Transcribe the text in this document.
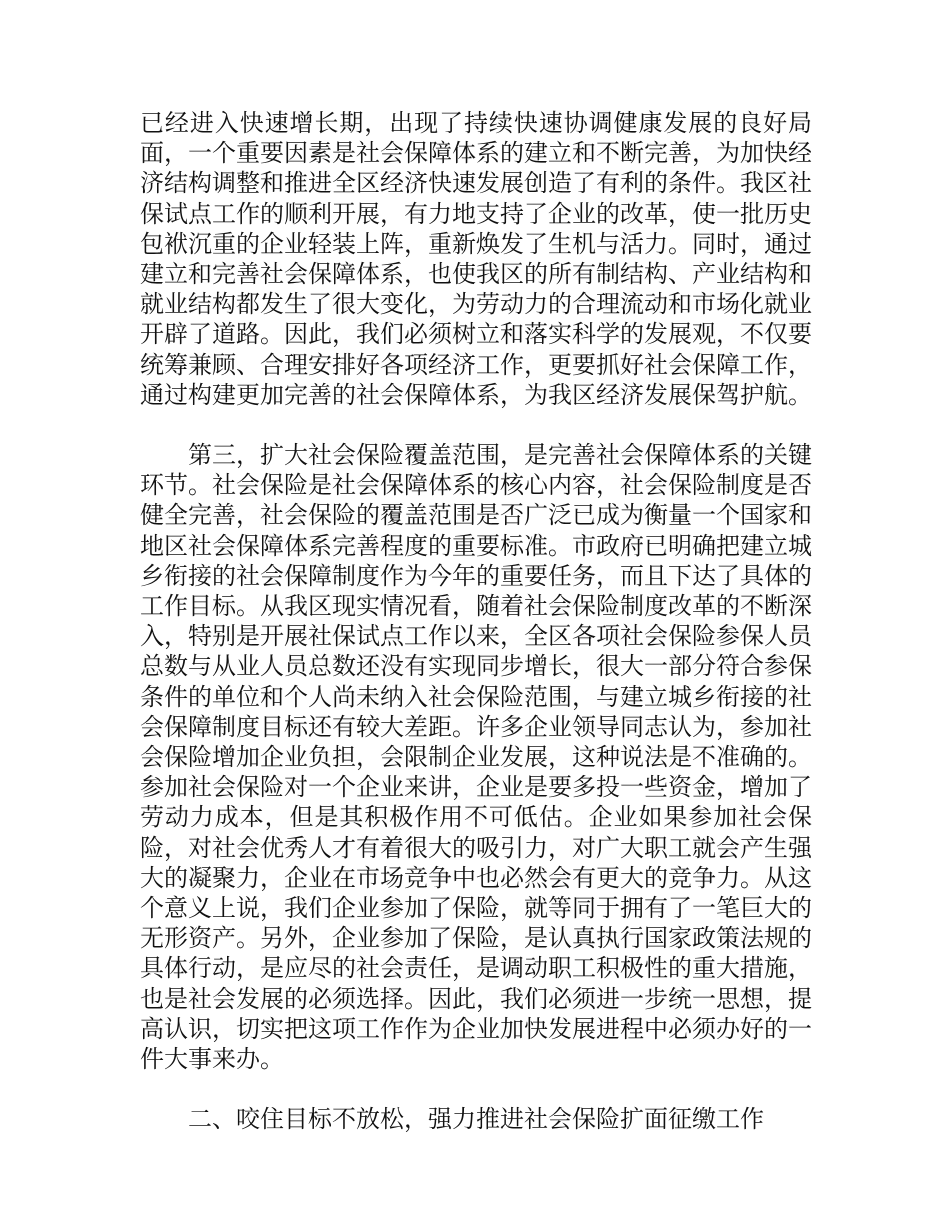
已经进入快速增长期，出现了持续快速协调健康发展的良好局面，一个重要因素是社会保障体系的建立和不断完善，为加快经济结构调整和推进全区经济快速发展创造了有利的条件。我区社保试点工作的顺利开展，有力地支持了企业的改革，使一批历史包袱沉重的企业轻装上阵，重新焕发了生机与活力。同时，通过建立和完善社会保障体系，也使我区的所有制结构、产业结构和就业结构都发生了很大变化，为劳动力的合理流动和市场化就业开辟了道路。因此，我们必须树立和落实科学的发展观，不仅要统筹兼顾、合理安排好各项经济工作，更要抓好社会保障工作，通过构建更加完善的社会保障体系，为我区经济发展保驾护航。

第三，扩大社会保险覆盖范围，是完善社会保障体系的关键环节。社会保险是社会保障体系的核心内容，社会保险制度是否健全完善，社会保险的覆盖范围是否广泛已成为衡量一个国家和地区社会保障体系完善程度的重要标准。市政府已明确把建立城乡衔接的社会保障制度作为今年的重要任务，而且下达了具体的工作目标。从我区现实情况看，随着社会保险制度改革的不断深入，特别是开展社保试点工作以来，全区各项社会保险参保人员总数与从业人员总数还没有实现同步增长，很大一部分符合参保条件的单位和个人尚未纳入社会保险范围，与建立城乡衔接的社会保障制度目标还有较大差距。许多企业领导同志认为，参加社会保险增加企业负担，会限制企业发展，这种说法是不准确的。参加社会保险对一个企业来讲，企业是要多投一些资金，增加了劳动力成本，但是其积极作用不可低估。企业如果参加社会保险，对社会优秀人才有着很大的吸引力，对广大职工就会产生强大的凝聚力，企业在市场竞争中也必然会有更大的竞争力。从这个意义上说，我们企业参加了保险，就等同于拥有了一笔巨大的无形资产。另外，企业参加了保险，是认真执行国家政策法规的具体行动，是应尽的社会责任，是调动职工积极性的重大措施，也是社会发展的必须选择。因此，我们必须进一步统一思想，提高认识，切实把这项工作作为企业加快发展进程中必须办好的一件大事来办。

二、咬住目标不放松，强力推进社会保险扩面征缴工作
